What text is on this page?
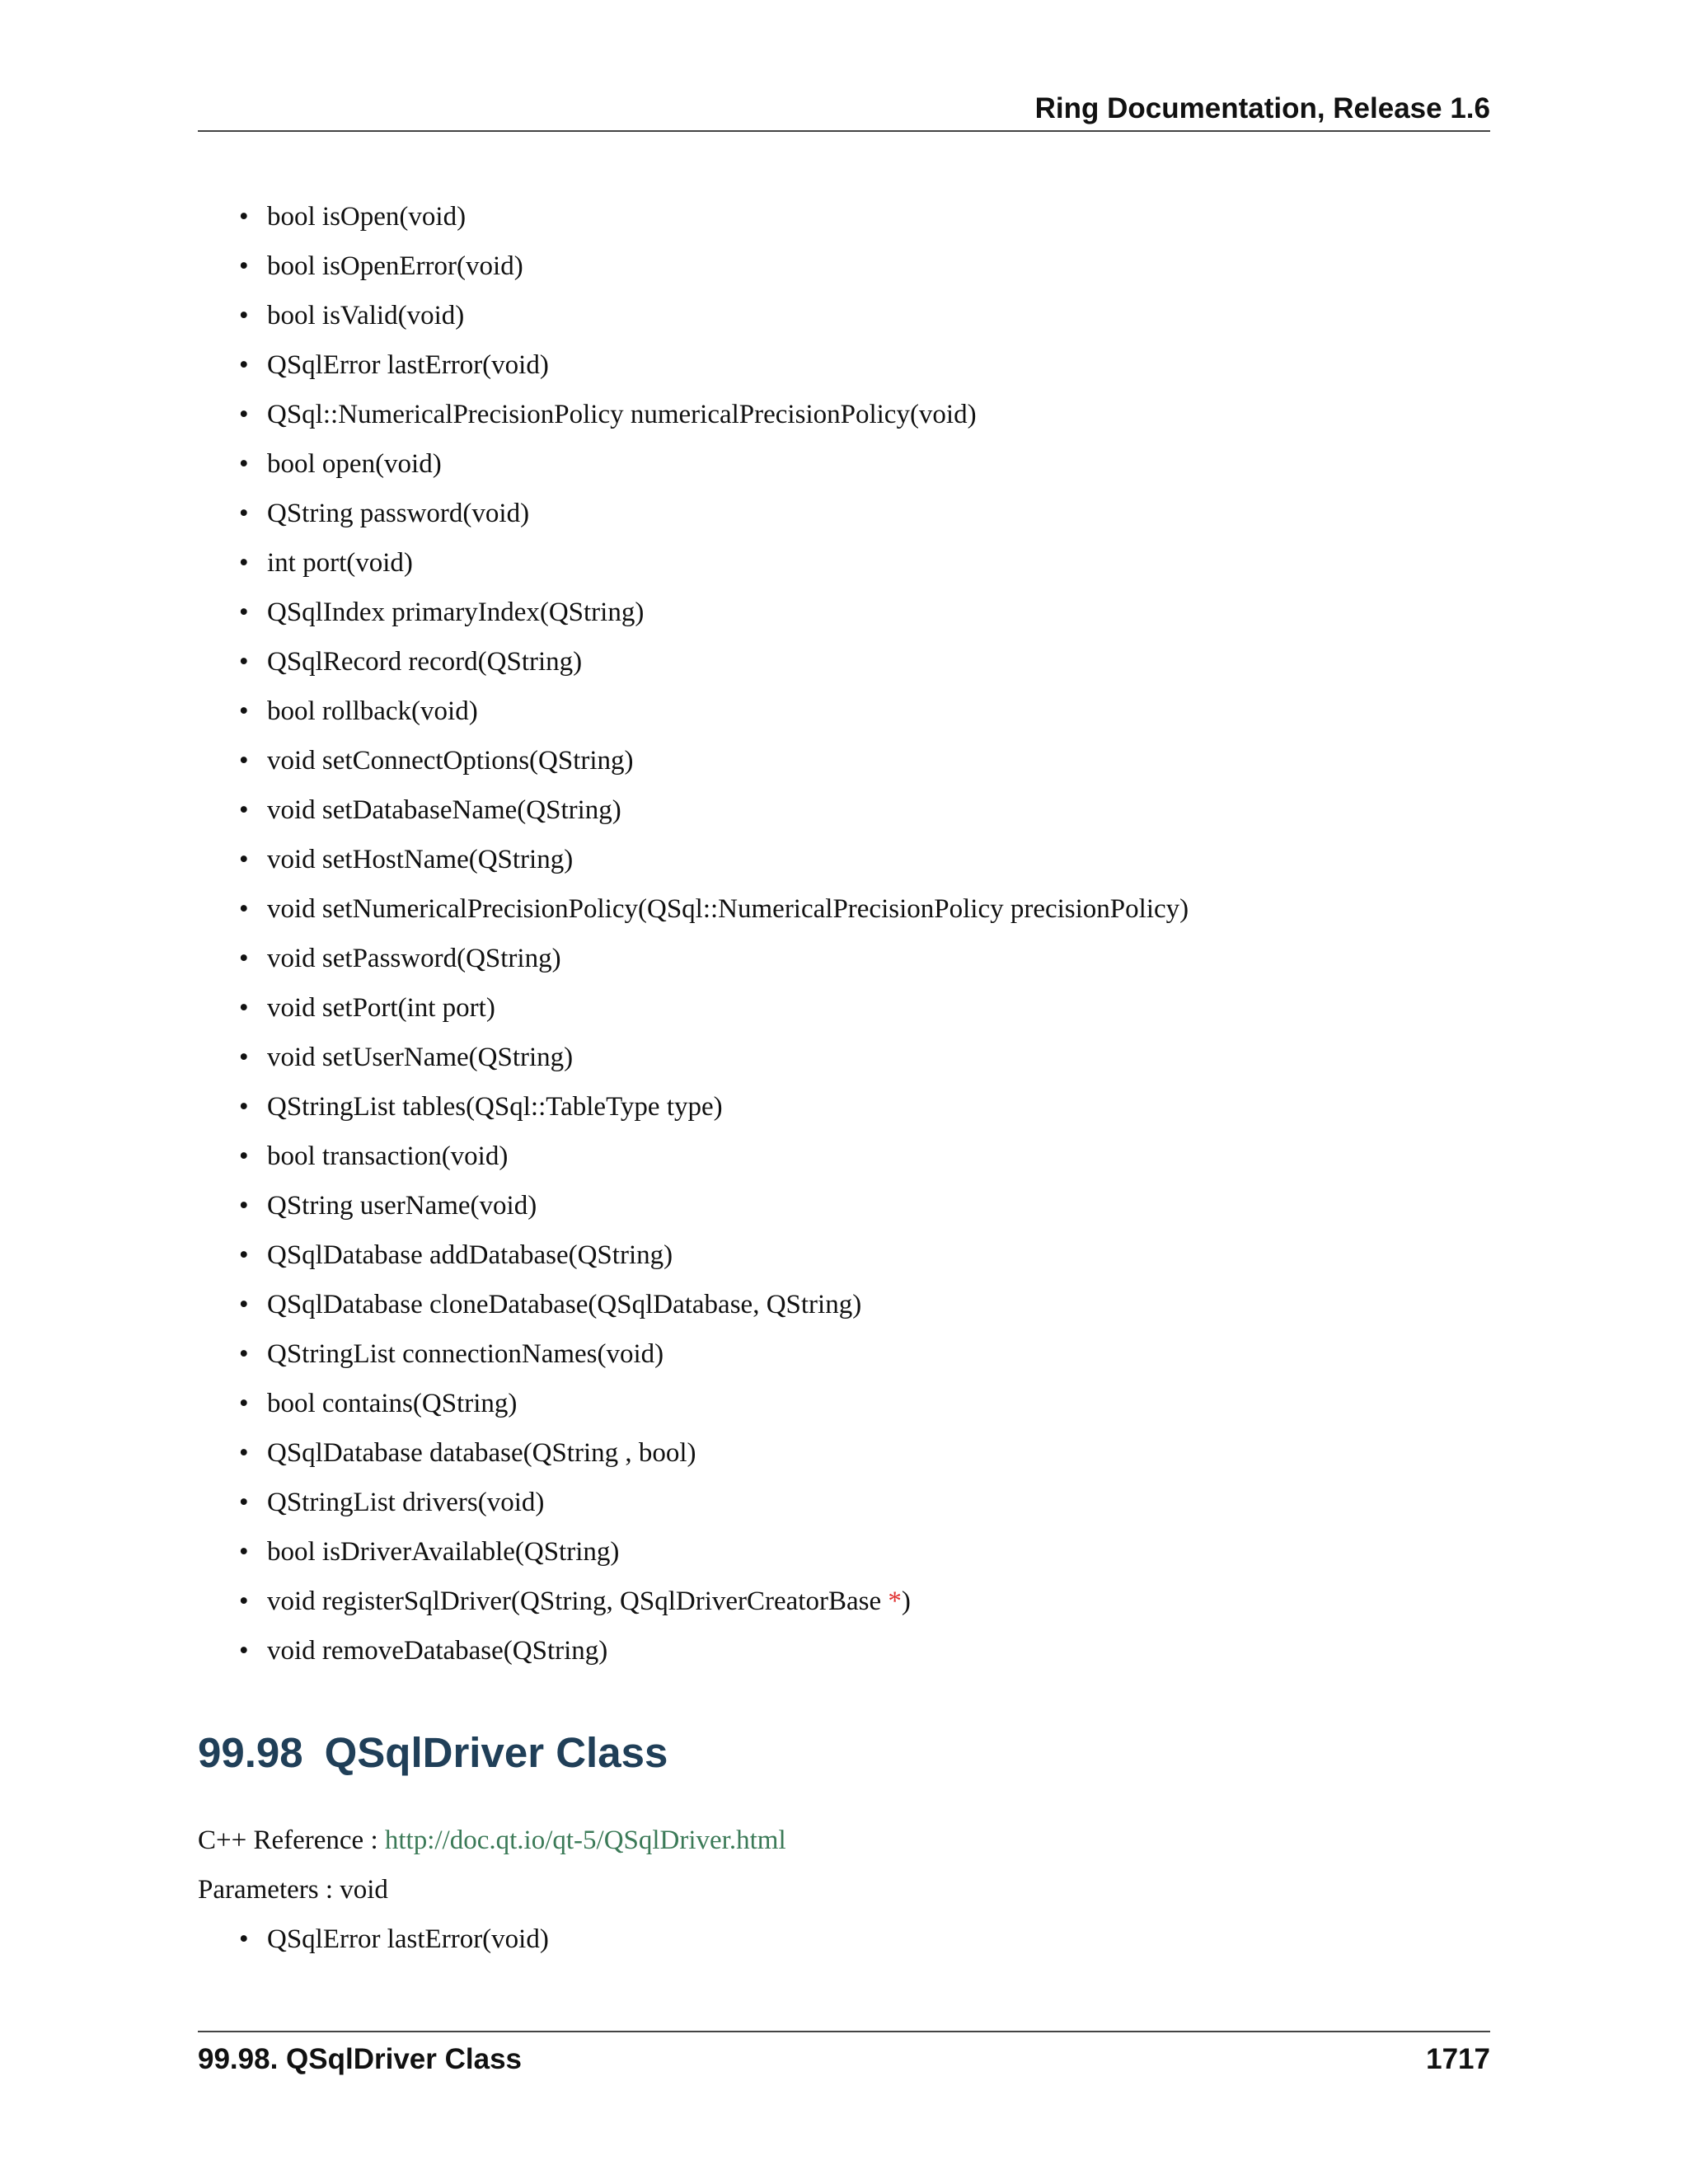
Ring Documentation, Release 1.6
• bool isOpen(void)
• bool isOpenError(void)
• bool isValid(void)
• QSqlError lastError(void)
• QSql::NumericalPrecisionPolicy numericalPrecisionPolicy(void)
• bool open(void)
• QString password(void)
• int port(void)
• QSqlIndex primaryIndex(QString)
• QSqlRecord record(QString)
• bool rollback(void)
• void setConnectOptions(QString)
• void setDatabaseName(QString)
• void setHostName(QString)
• void setNumericalPrecisionPolicy(QSql::NumericalPrecisionPolicy precisionPolicy)
• void setPassword(QString)
• void setPort(int port)
• void setUserName(QString)
• QStringList tables(QSql::TableType type)
• bool transaction(void)
• QString userName(void)
• QSqlDatabase addDatabase(QString)
• QSqlDatabase cloneDatabase(QSqlDatabase, QString)
• QStringList connectionNames(void)
• bool contains(QString)
• QSqlDatabase database(QString , bool)
• QStringList drivers(void)
• bool isDriverAvailable(QString)
• void registerSqlDriver(QString, QSqlDriverCreatorBase *)
• void removeDatabase(QString)
99.98 QSqlDriver Class
C++ Reference : http://doc.qt.io/qt-5/QSqlDriver.html
Parameters : void
• QSqlError lastError(void)
99.98. QSqlDriver Class	1717
